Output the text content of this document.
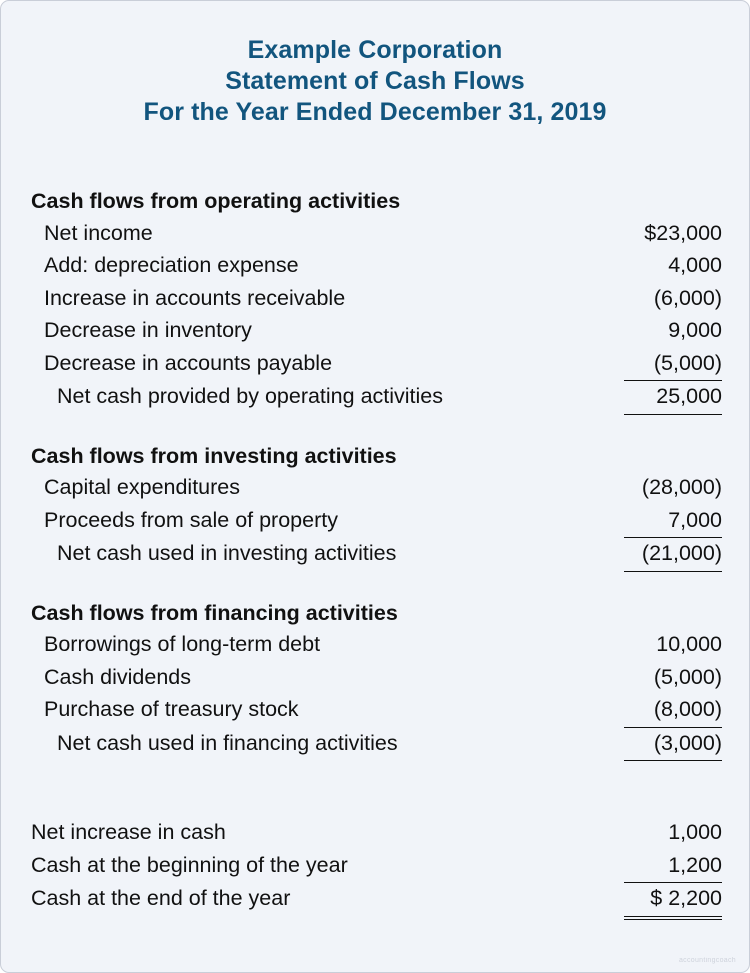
Example Corporation
Statement of Cash Flows
For the Year Ended December 31, 2019
Cash flows from operating activities
Net income	$23,000
Add: depreciation expense	4,000
Increase in accounts receivable	(6,000)
Decrease in inventory	9,000
Decrease in accounts payable	(5,000)
Net cash provided by operating activities	25,000
Cash flows from investing activities
Capital expenditures	(28,000)
Proceeds from sale of property	7,000
Net cash used in investing activities	(21,000)
Cash flows from financing activities
Borrowings of long-term debt	10,000
Cash dividends	(5,000)
Purchase of treasury stock	(8,000)
Net cash used in financing activities	(3,000)
Net increase in cash	1,000
Cash at the beginning of the year	1,200
Cash at the end of the year	$ 2,200
accountingcoach
